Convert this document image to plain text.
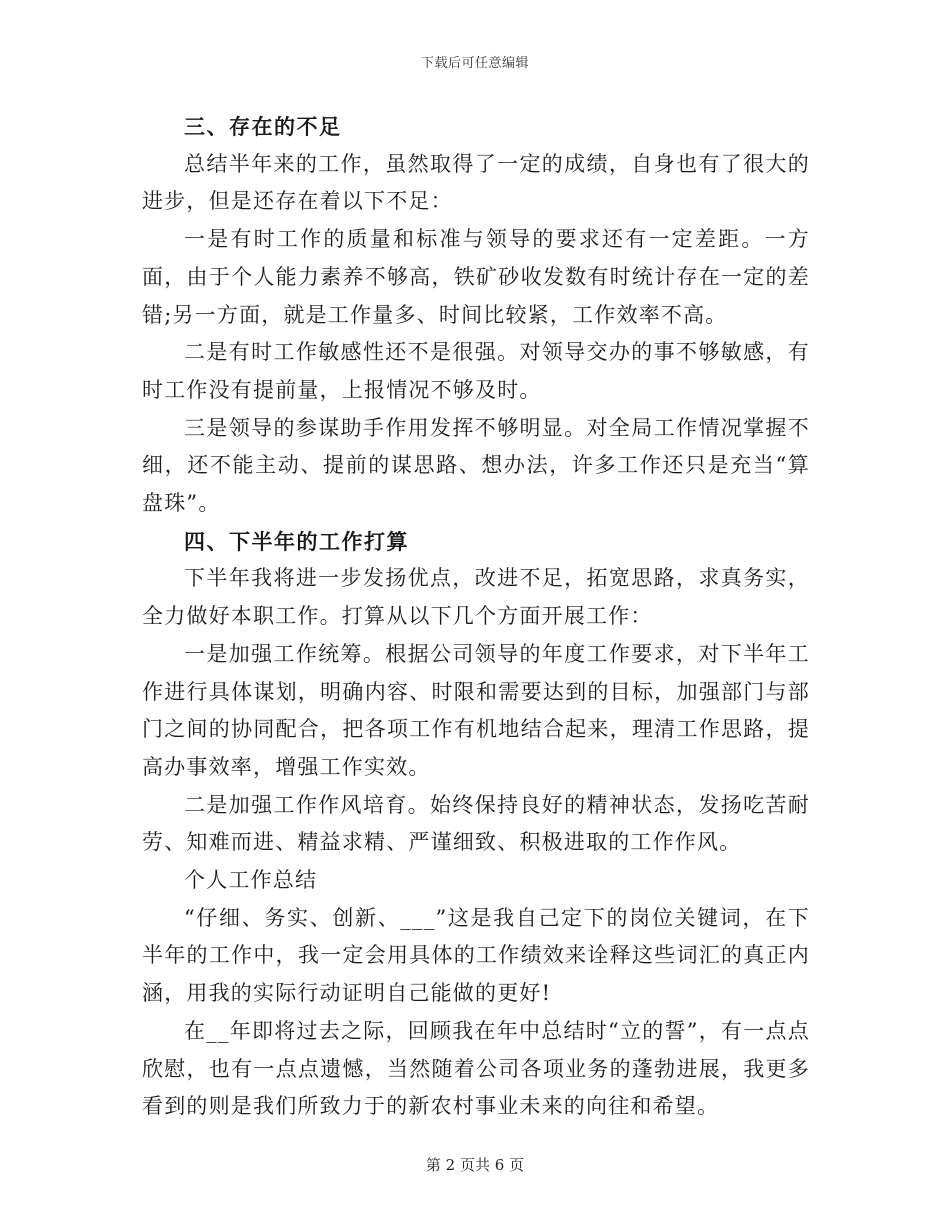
下载后可任意编辑

三、存在的不足

总结半年来的工作，虽然取得了一定的成绩，自身也有了很大的进步，但是还存在着以下不足：

一是有时工作的质量和标准与领导的要求还有一定差距。一方面，由于个人能力素养不够高，铁矿砂收发数有时统计存在一定的差错;另一方面，就是工作量多、时间比较紧，工作效率不高。

二是有时工作敏感性还不是很强。对领导交办的事不够敏感，有时工作没有提前量，上报情况不够及时。

三是领导的参谋助手作用发挥不够明显。对全局工作情况掌握不细，还不能主动、提前的谋思路、想办法，许多工作还只是充当“算盘珠”。

四、下半年的工作打算

下半年我将进一步发扬优点，改进不足，拓宽思路，求真务实，全力做好本职工作。打算从以下几个方面开展工作：

一是加强工作统筹。根据公司领导的年度工作要求，对下半年工作进行具体谋划，明确内容、时限和需要达到的目标，加强部门与部门之间的协同配合，把各项工作有机地结合起来，理清工作思路，提高办事效率，增强工作实效。

二是加强工作作风培育。始终保持良好的精神状态，发扬吃苦耐劳、知难而进、精益求精、严谨细致、积极进取的工作作风。

个人工作总结

“仔细、务实、创新、___”这是我自己定下的岗位关键词，在下半年的工作中，我一定会用具体的工作绩效来诠释这些词汇的真正内涵，用我的实际行动证明自己能做的更好!

在__年即将过去之际，回顾我在年中总结时“立的誓”，有一点点欣慰，也有一点点遗憾，当然随着公司各项业务的蓬勃进展，我更多看到的则是我们所致力于的新农村事业未来的向往和希望。

第 2 页共 6 页
